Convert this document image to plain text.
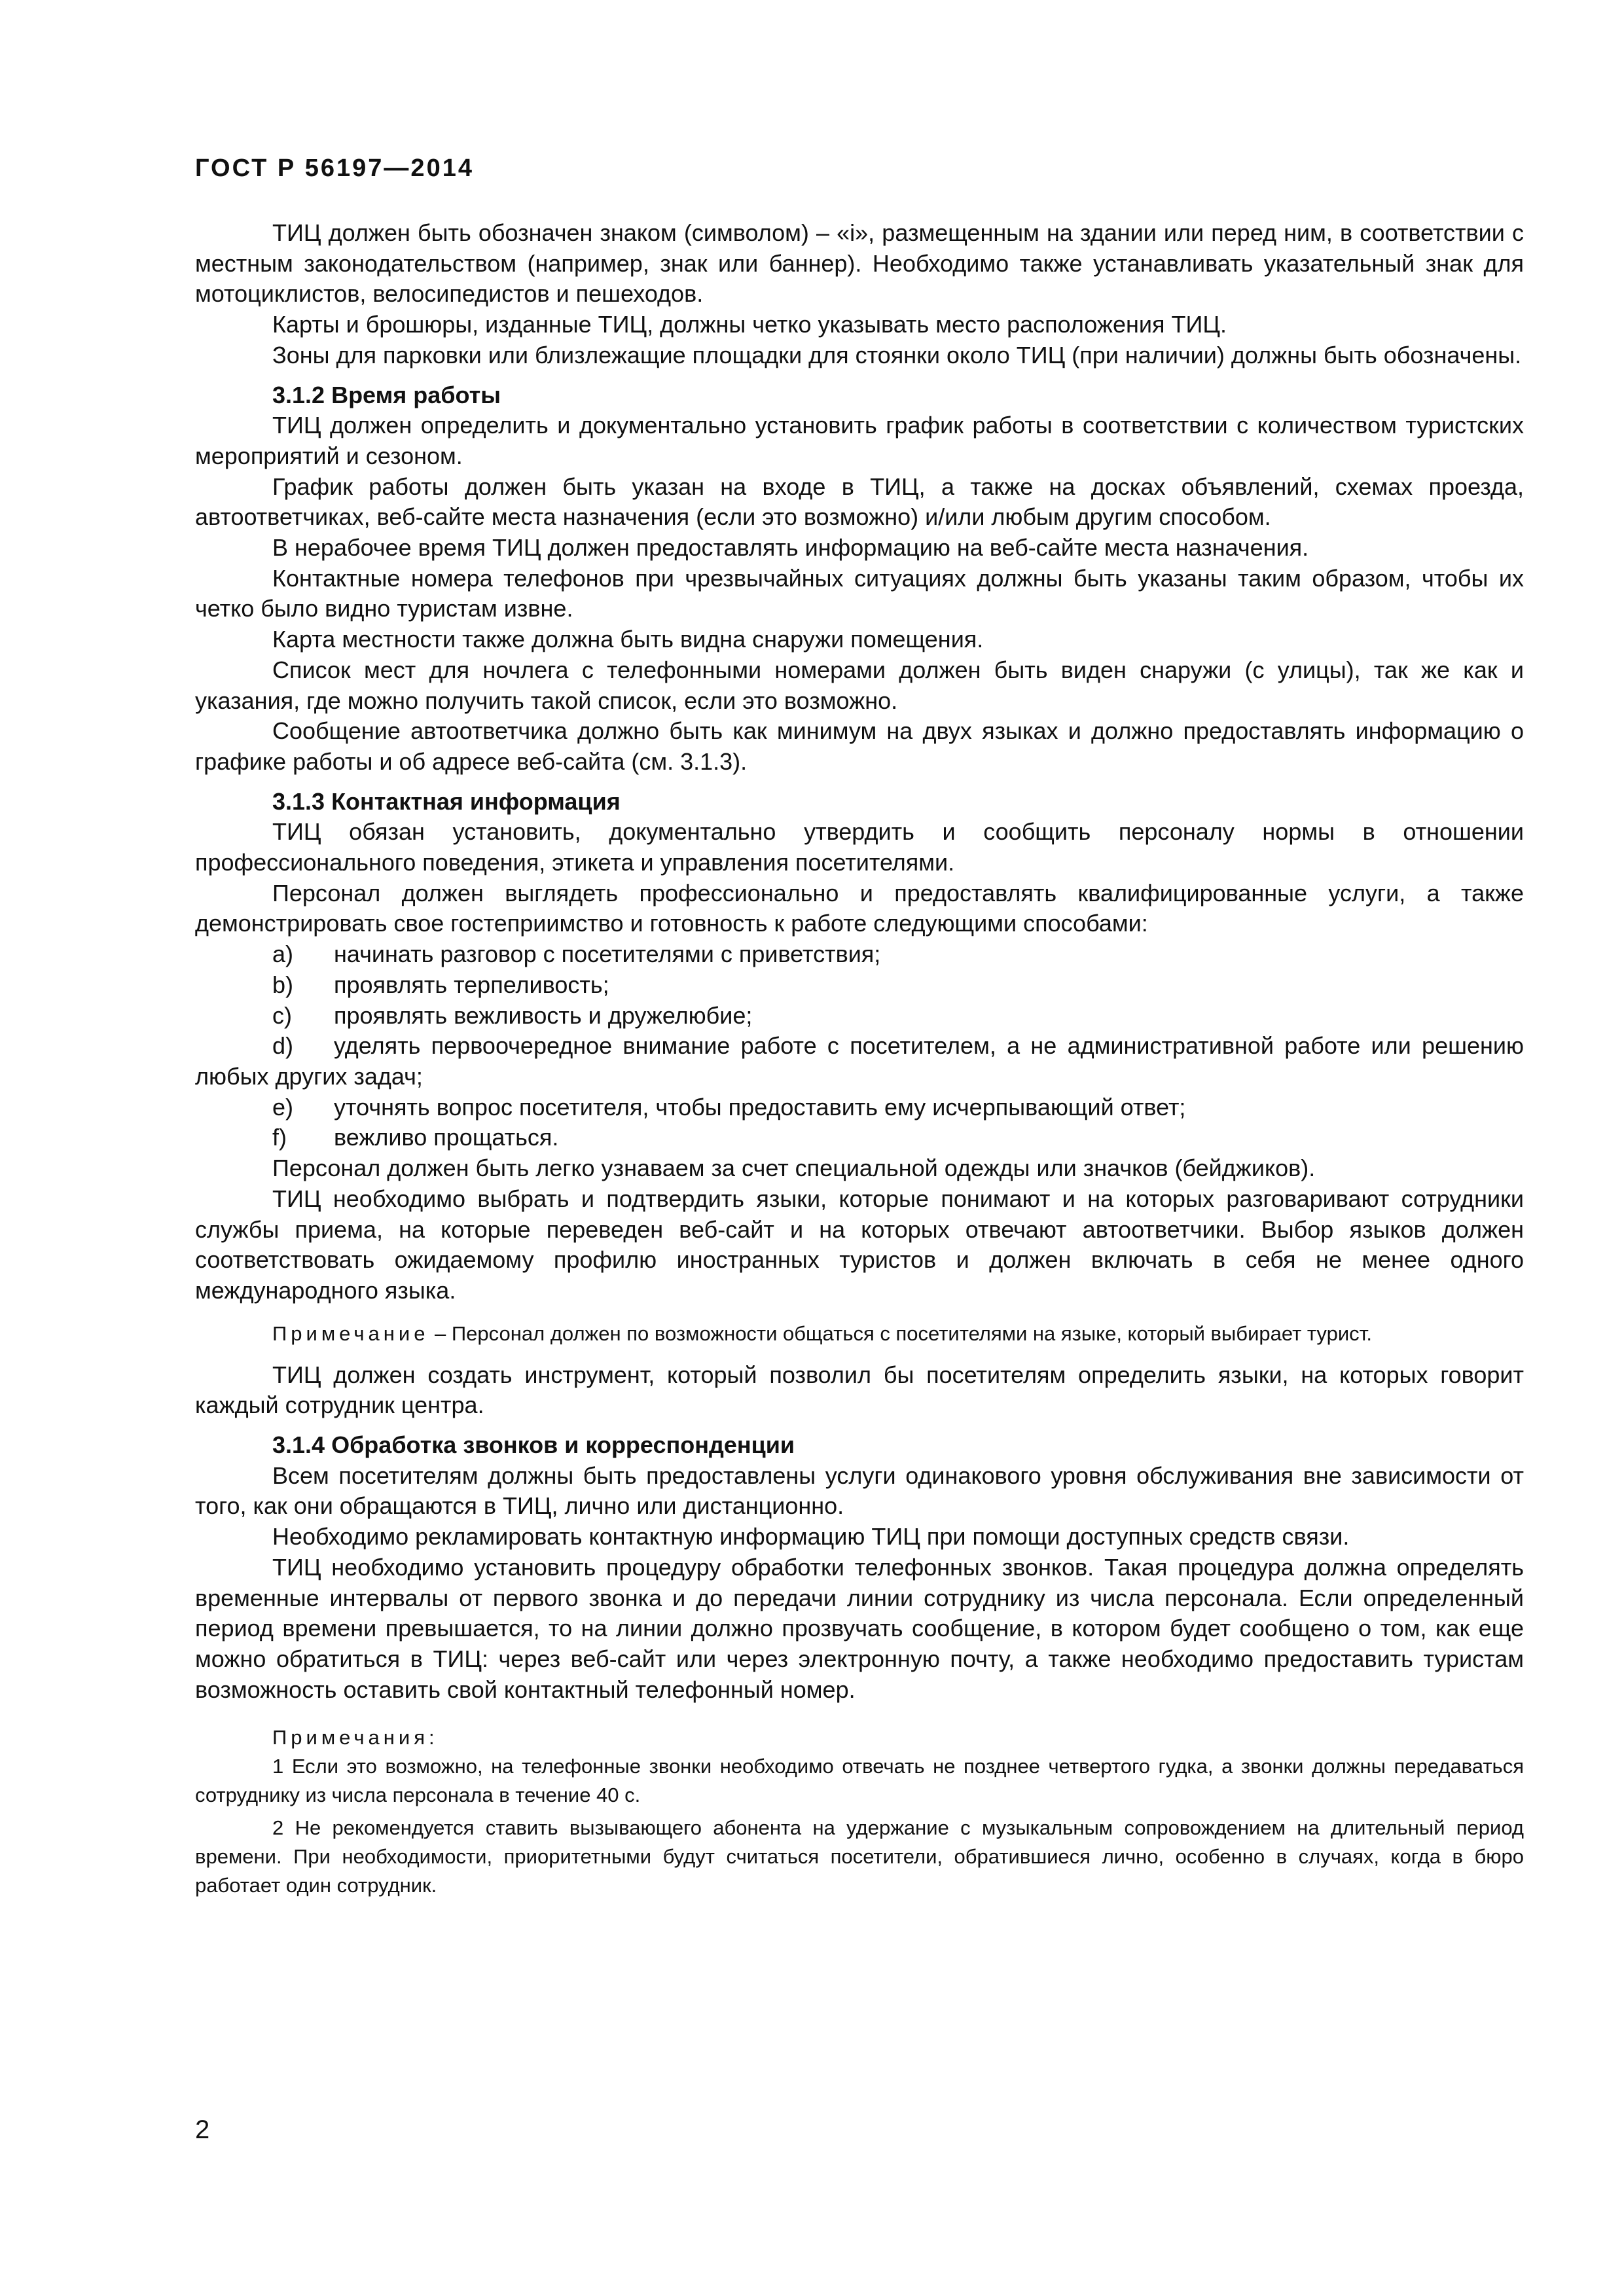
ГОСТ Р 56197—2014

ТИЦ должен быть обозначен знаком (символом) – «i», размещенным на здании или перед ним, в соответствии с местным законодательством (например, знак или баннер). Необходимо также устанавливать указательный знак для мотоциклистов, велосипедистов и пешеходов.

Карты и брошюры, изданные ТИЦ, должны четко указывать место расположения ТИЦ.

Зоны для парковки или близлежащие площадки для стоянки около ТИЦ (при наличии) должны быть обозначены.

3.1.2 Время работы

ТИЦ должен определить и документально установить график работы в соответствии с количеством туристских мероприятий и сезоном.

График работы должен быть указан на входе в ТИЦ, а также на досках объявлений, схемах проезда, автоответчиках, веб-сайте места назначения (если это возможно) и/или любым другим способом.

В нерабочее время ТИЦ должен предоставлять информацию на веб-сайте места назначения.

Контактные номера телефонов при чрезвычайных ситуациях должны быть указаны таким образом, чтобы их четко было видно туристам извне.

Карта местности также должна быть видна снаружи помещения.

Список мест для ночлега с телефонными номерами должен быть виден снаружи (с улицы), так же как и указания, где можно получить такой список, если это возможно.

Сообщение автоответчика должно быть как минимум на двух языках и должно предоставлять информацию о графике работы и об адресе веб-сайта (см. 3.1.3).

3.1.3 Контактная информация

ТИЦ обязан установить, документально утвердить и сообщить персоналу нормы в отношении профессионального поведения, этикета и управления посетителями.

Персонал должен выглядеть профессионально и предоставлять квалифицированные услуги, а также демонстрировать свое гостеприимство и готовность к работе следующими способами:

a) начинать разговор с посетителями с приветствия;

b) проявлять терпеливость;

c) проявлять вежливость и дружелюбие;

d) уделять первоочередное внимание работе с посетителем, а не административной работе или решению любых других задач;

e) уточнять вопрос посетителя, чтобы предоставить ему исчерпывающий ответ;

f) вежливо прощаться.

Персонал должен быть легко узнаваем за счет специальной одежды или значков (бейджиков).

ТИЦ необходимо выбрать и подтвердить языки, которые понимают и на которых разговаривают сотрудники службы приема, на которые переведен веб-сайт и на которых отвечают автоответчики. Выбор языков должен соответствовать ожидаемому профилю иностранных туристов и должен включать в себя не менее одного международного языка.

Примечание – Персонал должен по возможности общаться с посетителями на языке, который выбирает турист.

ТИЦ должен создать инструмент, который позволил бы посетителям определить языки, на которых говорит каждый сотрудник центра.

3.1.4 Обработка звонков и корреспонденции

Всем посетителям должны быть предоставлены услуги одинакового уровня обслуживания вне зависимости от того, как они обращаются в ТИЦ, лично или дистанционно.

Необходимо рекламировать контактную информацию ТИЦ при помощи доступных средств связи.

ТИЦ необходимо установить процедуру обработки телефонных звонков. Такая процедура должна определять временные интервалы от первого звонка и до передачи линии сотруднику из числа персонала. Если определенный период времени превышается, то на линии должно прозвучать сообщение, в котором будет сообщено о том, как еще можно обратиться в ТИЦ: через веб-сайт или через электронную почту, а также необходимо предоставить туристам возможность оставить свой контактный телефонный номер.

Примечания:

1 Если это возможно, на телефонные звонки необходимо отвечать не позднее четвертого гудка, а звонки должны передаваться сотруднику из числа персонала в течение 40 с.

2 Не рекомендуется ставить вызывающего абонента на удержание с музыкальным сопровождением на длительный период времени. При необходимости, приоритетными будут считаться посетители, обратившиеся лично, особенно в случаях, когда в бюро работает один сотрудник.

2
